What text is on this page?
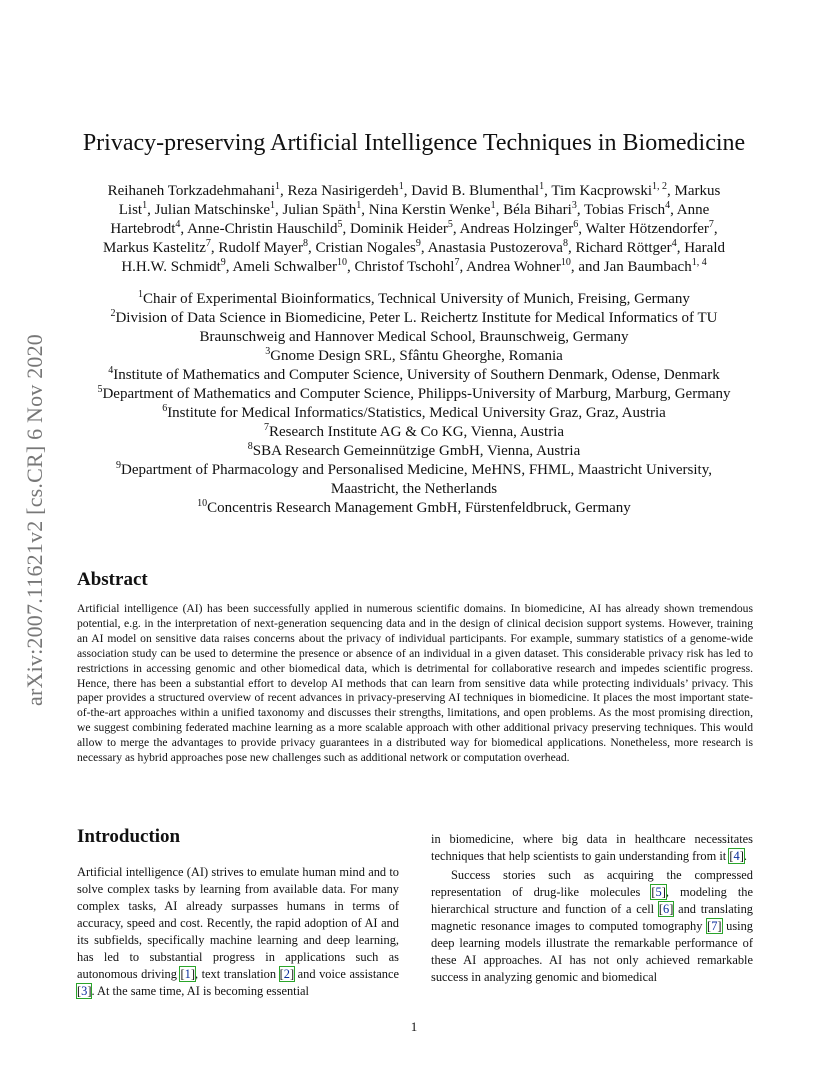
arXiv:2007.11621v2 [cs.CR] 6 Nov 2020
Privacy-preserving Artificial Intelligence Techniques in Biomedicine
Reihaneh Torkzadehmahani$^1$, Reza Nasirigerdeh$^1$, David B. Blumenthal$^1$, Tim Kacprowski$^{1, 2}$, Markus
List$^1$, Julian Matschinske$^1$, Julian Späth$^1$, Nina Kerstin Wenke$^1$, Béla Bihari$^3$, Tobias Frisch$^4$, Anne
Hartebrodt$^4$, Anne-Christin Hauschild$^5$, Dominik Heider$^5$, Andreas Holzinger$^6$, Walter Hötzendorfer$^7$,
Markus Kastelitz$^7$, Rudolf Mayer$^8$, Cristian Nogales$^9$, Anastasia Pustozerova$^8$, Richard Röttger$^4$, Harald
H.H.W. Schmidt$^9$, Ameli Schwalber$^{10}$, Christof Tschohl$^7$, Andrea Wohner$^{10}$, and Jan Baumbach$^{1, 4}$
$^1$Chair of Experimental Bioinformatics, Technical University of Munich, Freising, Germany
$^2$Division of Data Science in Biomedicine, Peter L. Reichertz Institute for Medical Informatics of TU
Braunschweig and Hannover Medical School, Braunschweig, Germany
$^3$Gnome Design SRL, Sfântu Gheorghe, Romania
$^4$Institute of Mathematics and Computer Science, University of Southern Denmark, Odense, Denmark
$^5$Department of Mathematics and Computer Science, Philipps-University of Marburg, Marburg, Germany
$^6$Institute for Medical Informatics/Statistics, Medical University Graz, Graz, Austria
$^7$Research Institute AG & Co KG, Vienna, Austria
$^8$SBA Research Gemeinnützige GmbH, Vienna, Austria
$^9$Department of Pharmacology and Personalised Medicine, MeHNS, FHML, Maastricht University,
Maastricht, the Netherlands
$^{10}$Concentris Research Management GmbH, Fürstenfeldbruck, Germany
Abstract

Artificial intelligence (AI) has been successfully applied in numerous scientific domains. In biomedicine, AI has already shown tremendous potential, e.g. in the interpretation of next-generation sequencing data and in the design of clinical decision support systems. However, training an AI model on sensitive data raises concerns about the privacy of individual participants. For example, summary statistics of a genome-wide association study can be used to determine the presence or absence of an individual in a given dataset. This considerable privacy risk has led to restrictions in accessing genomic and other biomedical data, which is detrimental for collaborative research and impedes scientific progress. Hence, there has been a substantial effort to develop AI methods that can learn from sensitive data while protecting individuals’ privacy. This paper provides a structured overview of recent advances in privacy-preserving AI techniques in biomedicine. It places the most important state-of-the-art approaches within a unified taxonomy and discusses their strengths, limitations, and open problems. As the most promising direction, we suggest combining federated machine learning as a more scalable approach with other additional privacy preserving techniques. This would allow to merge the advantages to provide privacy guarantees in a distributed way for biomedical applications. Nonetheless, more research is necessary as hybrid approaches pose new challenges such as additional network or computation overhead.

Introduction

Artificial intelligence (AI) strives to emulate human mind and to solve complex tasks by learning from available data. For many complex tasks, AI already surpasses humans in terms of accuracy, speed and cost. Recently, the rapid adoption of AI and its subfields, specifically machine learning and deep learning, has led to substantial progress in applications such as autonomous driving [ 1 ] , text translation [ 2 ] and voice assistance [ 3 ] . At the same time, AI is becoming essential

in biomedicine, where big data in healthcare necessitates techniques that help scientists to gain understanding from it [ 4 ] .

Success stories such as acquiring the compressed representation of drug-like molecules [ 5 ] , modeling the hierarchical structure and function of a cell [ 6 ] and translating magnetic resonance images to computed tomography [ 7 ] using deep learning models illustrate the remarkable performance of these AI approaches. AI has not only achieved remarkable success in analyzing genomic and biomedical

1
